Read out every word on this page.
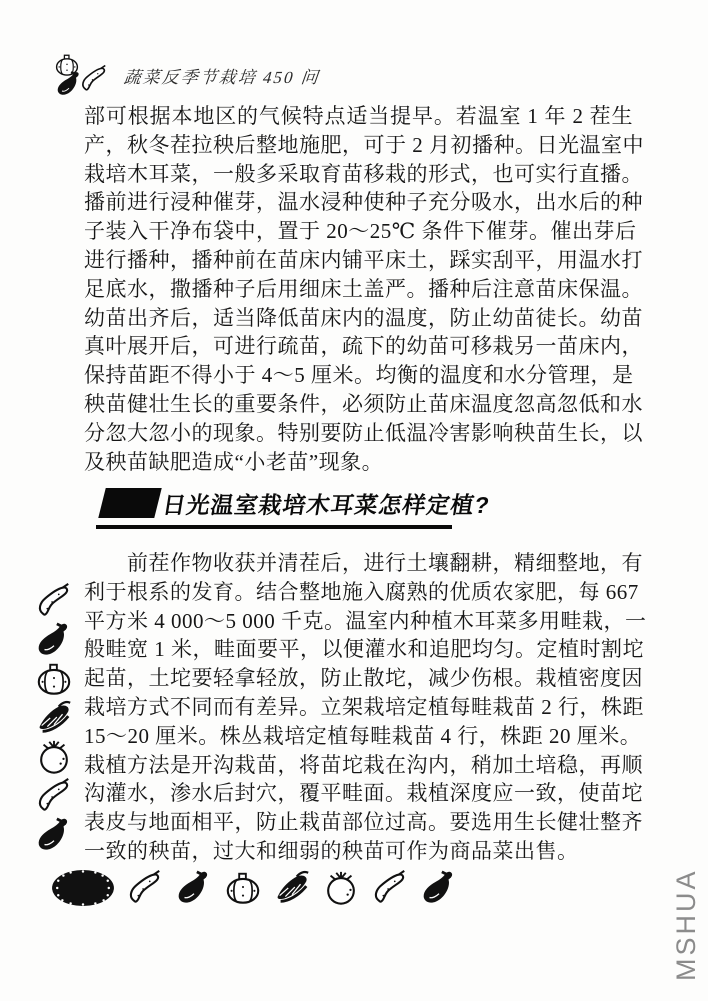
蔬菜反季节栽培 450 问
部可根据本地区的气候特点适当提早。若温室 1 年 2 茬生
产，秋冬茬拉秧后整地施肥，可于 2 月初播种。日光温室中
栽培木耳菜，一般多采取育苗移栽的形式，也可实行直播。
播前进行浸种催芽，温水浸种使种子充分吸水，出水后的种
子装入干净布袋中，置于 20～25℃ 条件下催芽。催出芽后
进行播种，播种前在苗床内铺平床土，踩实刮平，用温水打
足底水，撒播种子后用细床土盖严。播种后注意苗床保温。
幼苗出齐后，适当降低苗床内的温度，防止幼苗徒长。幼苗
真叶展开后，可进行疏苗，疏下的幼苗可移栽另一苗床内，
保持苗距不得小于 4～5 厘米。均衡的温度和水分管理，是
秧苗健壮生长的重要条件，必须防止苗床温度忽高忽低和水
分忽大忽小的现象。特别要防止低温冷害影响秧苗生长，以
及秧苗缺肥造成“小老苗”现象。
日光温室栽培木耳菜怎样定植?
　　前茬作物收获并清茬后，进行土壤翻耕，精细整地，有
利于根系的发育。结合整地施入腐熟的优质农家肥，每 667
平方米 4 000～5 000 千克。温室内种植木耳菜多用畦栽，一
般畦宽 1 米，畦面要平，以便灌水和追肥均匀。定植时割坨
起苗，土坨要轻拿轻放，防止散坨，减少伤根。栽植密度因
栽培方式不同而有差异。立架栽培定植每畦栽苗 2 行，株距
15～20 厘米。株丛栽培定植每畦栽苗 4 行，株距 20 厘米。
栽植方法是开沟栽苗，将苗坨栽在沟内，稍加土培稳，再顺
沟灌水，渗水后封穴，覆平畦面。栽植深度应一致，使苗坨
表皮与地面相平，防止栽苗部位过高。要选用生长健壮整齐
一致的秧苗，过大和细弱的秧苗可作为商品菜出售。
MSHUA
